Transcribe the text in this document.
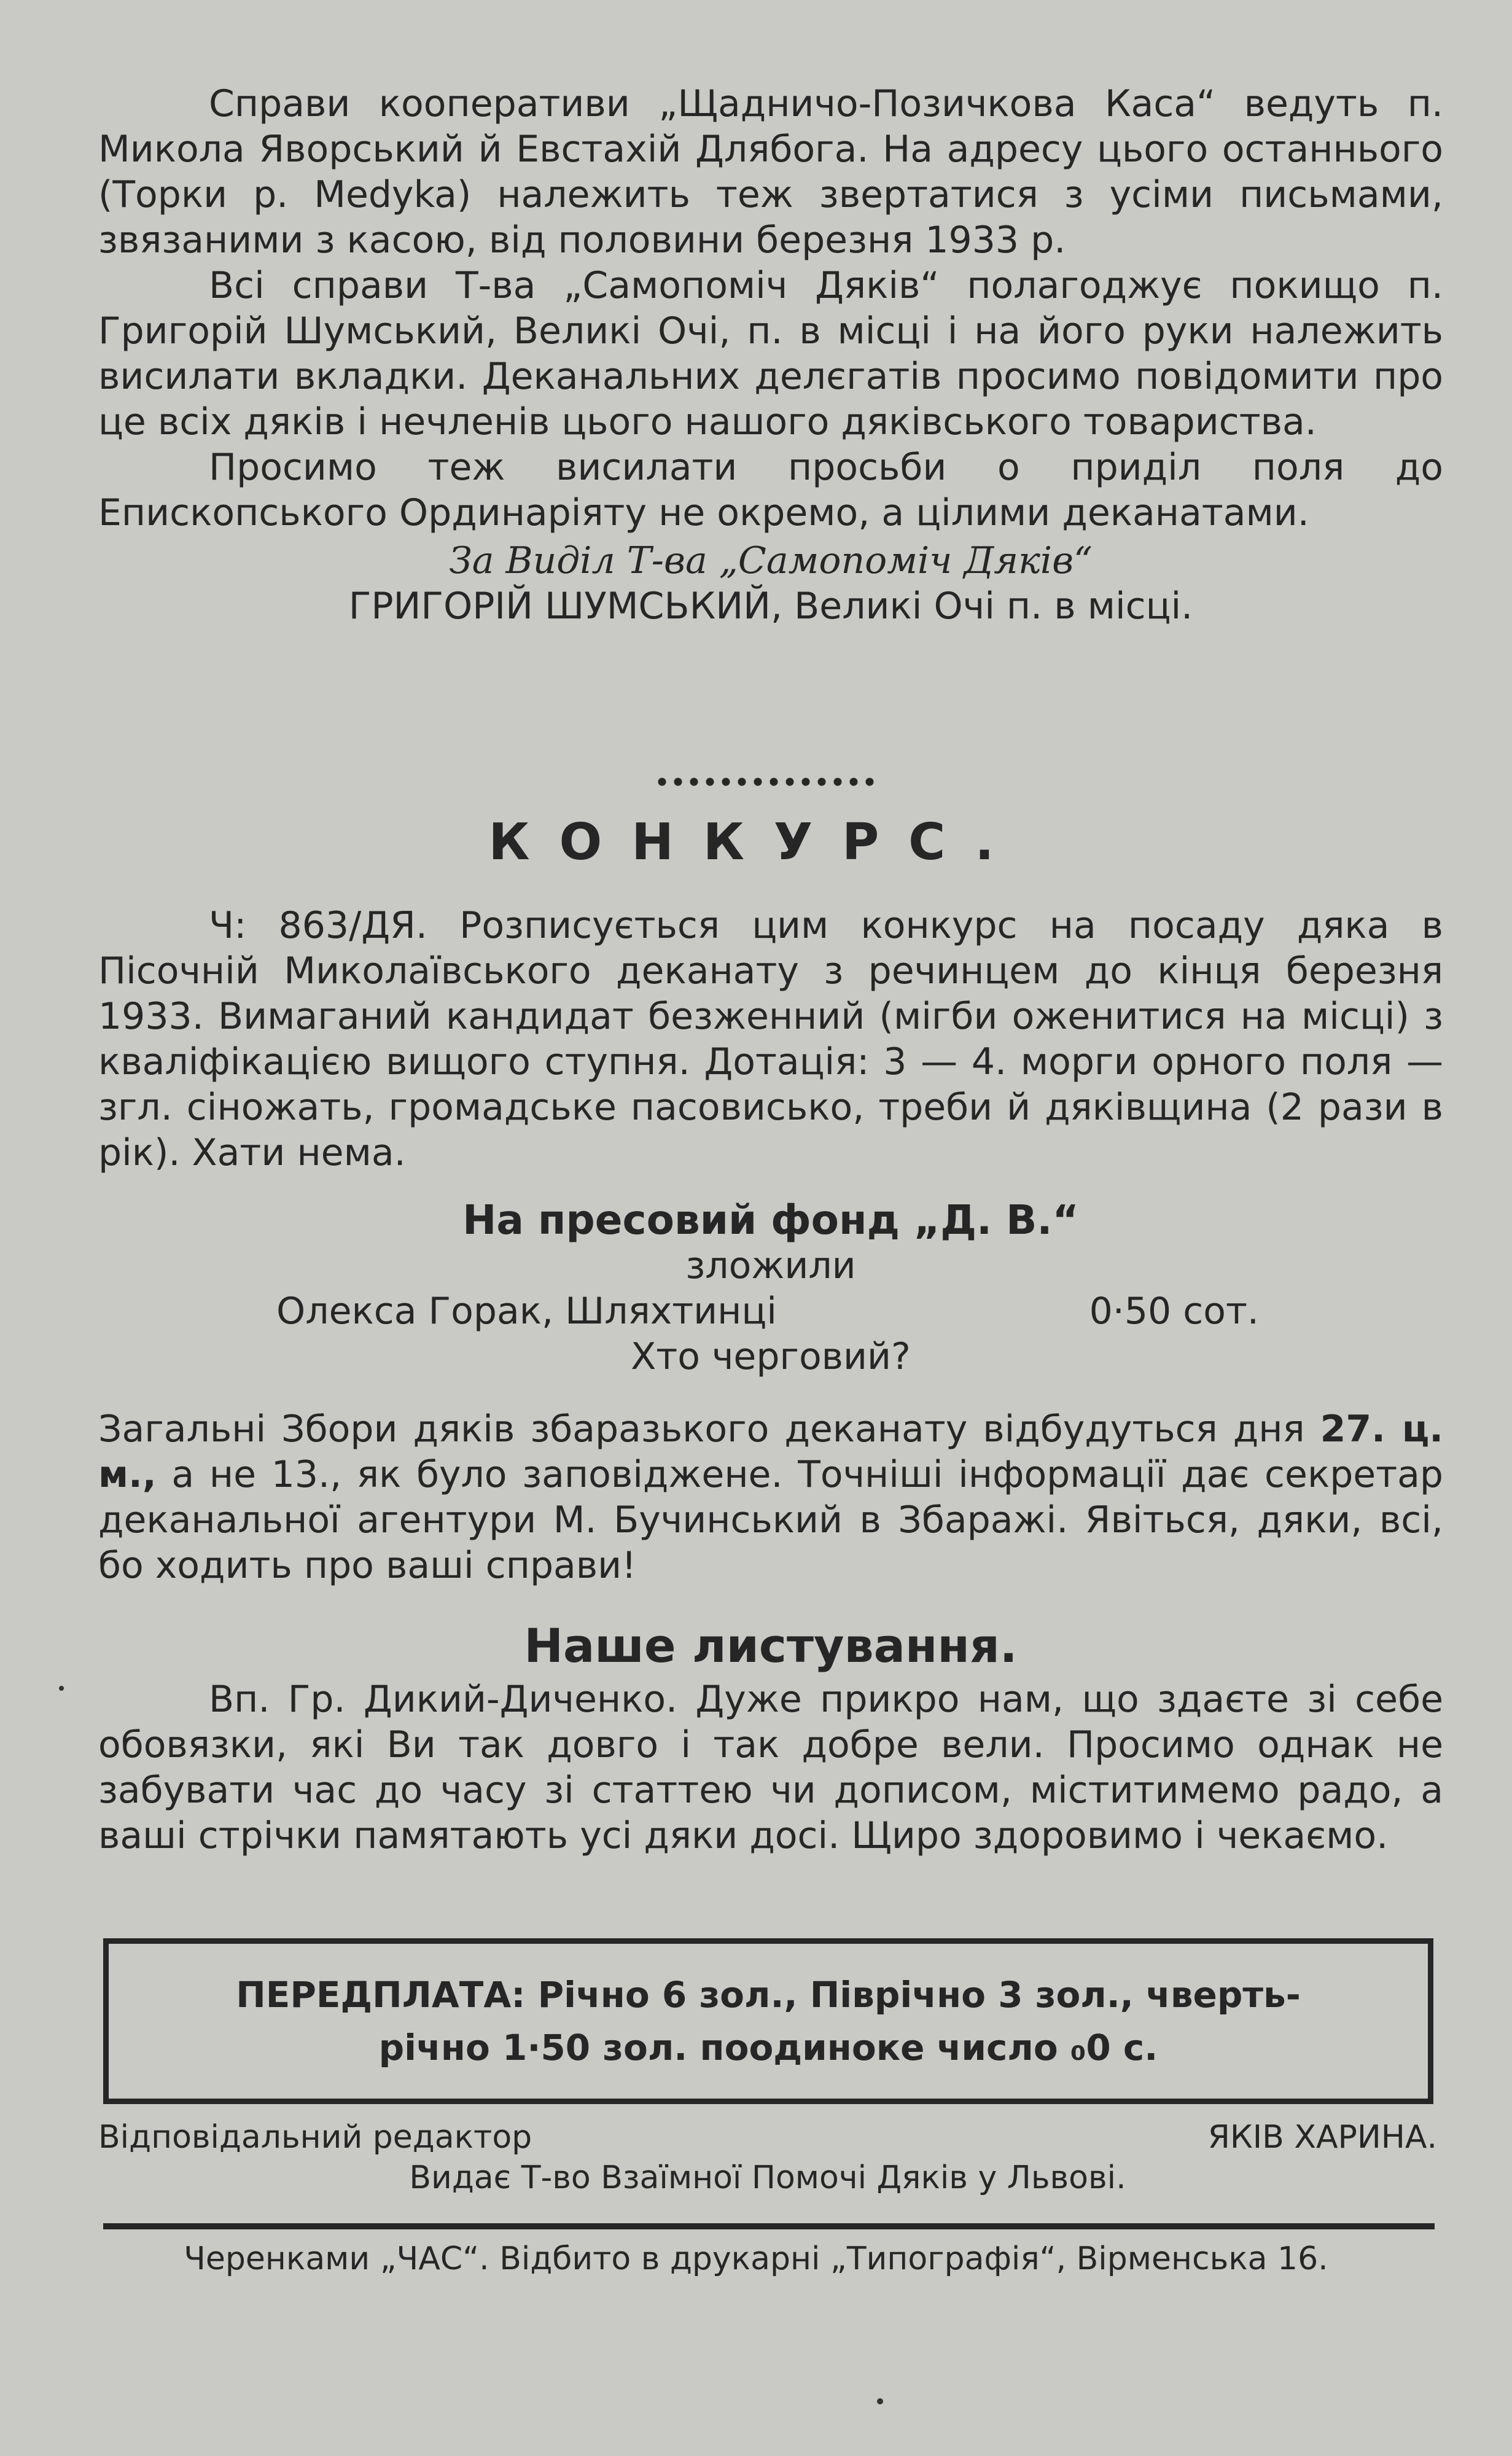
Справи кооперативи „Щадничо-Позичкова Каса“ ведуть п. Микола Яворський й Евстахій Длябога. На адресу цього останнього (Торки р. Medyka) належить теж звертатися з усіми письмами, звязаними з касою, від половини березня 1933 р.

Всі справи Т-ва „Самопоміч Дяків“ полагоджує покищо п. Григорій Шумський, Великі Очі, п. в місці і на його руки належить висилати вкладки. Деканальних делєгатів просимо повідомити про це всіх дяків і нечленів цього нашого дяківського товариства.

Просимо теж висилати просьби о приділ поля до Епископського Ординаріяту не окремо, а цілими деканатами.

За Виділ Т-ва „Самопоміч Дяків“
ГРИГОРІЙ ШУМСЬКИЙ, Великі Очі п. в місці.
КОНКУРС.

Ч: 863/ДЯ. Розписується цим конкурс на посаду дяка в Пісочній Миколаївського деканату з речинцем до кінця березня 1933. Вимаганий кандидат безженний (мігби оженитися на місці) з кваліфікацією вищого ступня. Дотація: 3 — 4. морги орного поля — згл. сіножать, громадське пасовисько, треби й дяківщина (2 рази в рік). Хати нема.

На пресовий фонд „Д. В.“
зложили
Олекса Горак, Шляхтинці	0·50 сот.
Хто черговий?

Загальні Збори дяків збаразького деканату відбудуться дня 27. ц. м., а не 13., як було заповіджене. Точніші інформації дає секретар деканальної агентури М. Бучинський в Збаражі. Явіться, дяки, всі, бо ходить про ваші справи!

Наше листування.

Вп. Гр. Дикий-Диченко. Дуже прикро нам, що здаєте зі себе обовязки, які Ви так довго і так добре вели. Просимо однак не забувати час до часу зі статтею чи дописом, міститимемо радо, а ваші стрічки памятають усі дяки досі. Щиро здоровимо і чекаємо.

ПЕРЕДПЛАТА: Річно 6 зол., Піврічно 3 зол., чверть-
річно 1·50 зол. поодиноке число ₀0 с.
Відповідальний редактор	ЯКІВ ХАРИНА.
Видає Т-во Взаїмної Помочі Дяків у Львові.
Черенками „ЧАС“. Відбито в друкарні „Типографія“, Вірменська 16.
